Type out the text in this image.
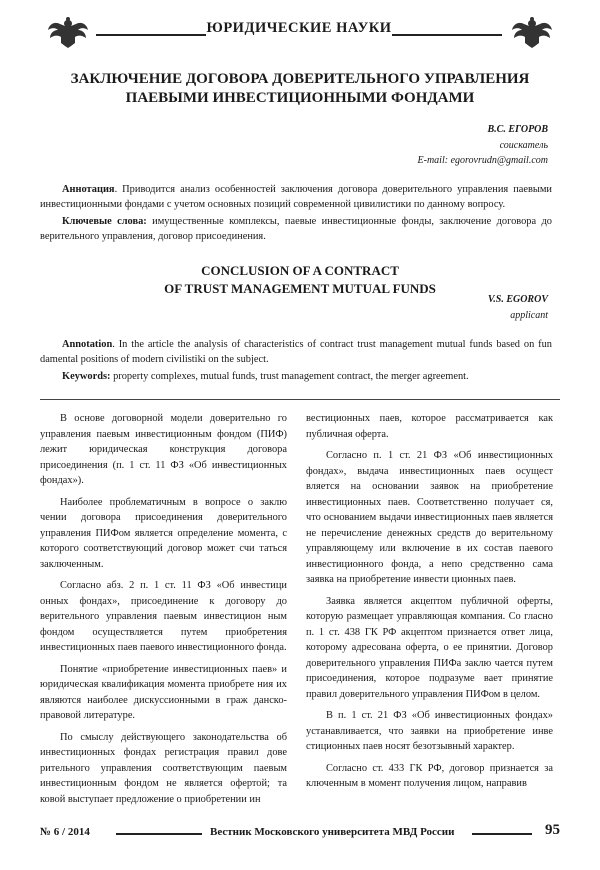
ЮРИДИЧЕСКИЕ НАУКИ
ЗАКЛЮЧЕНИЕ ДОГОВОРА ДОВЕРИТЕЛЬНОГО УПРАВЛЕНИЯ
ПАЕВЫМИ ИНВЕСТИЦИОННЫМИ ФОНДАМИ
В.С. ЕГОРОВ
соискатель
E-mail: egorovrudn@gmail.com
Аннотация. Приводится анализ особенностей заключения договора доверительного управления паевыми инвестиционными фондами с учетом основных позиций современной цивилистики по данному вопросу.
Ключевые слова: имущественные комплексы, паевые инвестиционные фонды, заключение договора до верительного управления, договор присоединения.
CONCLUSION OF A CONTRACT
OF TRUST MANAGEMENT MUTUAL FUNDS
V.S. EGOROV
applicant
Annotation. In the article the analysis of characteristics of contract trust management mutual funds based on fun damental positions of modern civilistiki on the subject.
Keywords: property complexes, mutual funds, trust management contract, the merger agreement.

В основе договорной модели доверительно го управления паевым инвестиционным фондом (ПИФ) лежит юридическая конструкция договора присоединения (п. 1 ст. 11 ФЗ «Об инвестиционных фондах»).

Наиболее проблематичным в вопросе о заклю чении договора присоединения доверительного управления ПИФом является определение момента, с которого соответствующий договор может счи таться заключенным.

Согласно абз. 2 п. 1 ст. 11 ФЗ «Об инвестици онных фондах», присоединение к договору до верительного управления паевым инвестицион ным фондом осуществляется путем приобретения инвестиционных паев паевого инвестиционного фонда.

Понятие «приобретение инвестиционных паев» и юридическая квалификация момента приобрете ния их являются наиболее дискуссионными в граж данско-правовой литературе.

По смыслу действующего законодательства об инвестиционных фондах регистрация правил дове рительного управления соответствующим паевым инвестиционным фондом не является офертой; та ковой выступает предложение о приобретении ин

вестиционных паев, которое рассматривается как публичная оферта.

Согласно п. 1 ст. 21 ФЗ «Об инвестиционных фондах», выдача инвестиционных паев осущест вляется на основании заявок на приобретение инвестиционных паев. Соответственно получает ся, что основанием выдачи инвестиционных паев является не перечисление денежных средств до верительному управляющему или включение в их состав паевого инвестиционного фонда, а непо средственно сама заявка на приобретение инвести ционных паев.

Заявка является акцептом публичной оферты, которую размещает управляющая компания. Со гласно п. 1 ст. 438 ГК РФ акцептом признается ответ лица, которому адресована оферта, о ее принятии. Договор доверительного управления ПИФа заклю чается путем присоединения, которое подразуме вает принятие правил доверительного управления ПИФом в целом.

В п. 1 ст. 21 ФЗ «Об инвестиционных фондах» устанавливается, что заявки на приобретение инве стиционных паев носят безотзывный характер.

Согласно ст. 433 ГК РФ, договор признается за ключенным в момент получения лицом, направив

№ 6 / 2014	Вестник Московского университета МВД России	95
